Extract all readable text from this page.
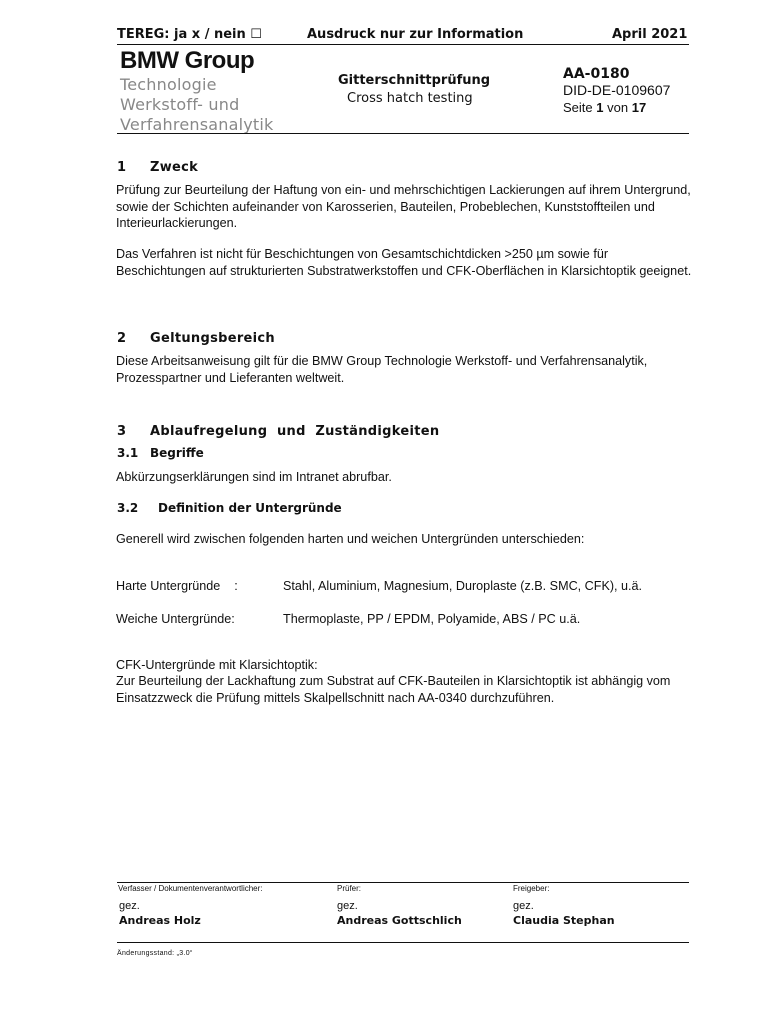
TEREG: ja x / nein ☐	Ausdruck nur zur Information	April 2021
BMW Group
Technologie
Werkstoff- und
Verfahrensanalytik
Gitterschnittprüfung
Cross hatch testing
AA-0180
DID-DE-0109607
Seite 1 von 17
1 Zweck
Prüfung zur Beurteilung der Haftung von ein- und mehrschichtigen Lackierungen auf ihrem Untergrund, sowie der Schichten aufeinander von Karosserien, Bauteilen, Probeblechen, Kunststoffteilen und Interieurlackierungen.
Das Verfahren ist nicht für Beschichtungen von Gesamtschichtdicken >250 µm sowie für Beschichtungen auf strukturierten Substratwerkstoffen und CFK-Oberflächen in Klarsichtoptik geeignet.
2 Geltungsbereich
Diese Arbeitsanweisung gilt für die BMW Group Technologie Werkstoff- und Verfahrensanalytik, Prozesspartner und Lieferanten weltweit.
3 Ablaufregelung  und  Zuständigkeiten
3.1 Begriffe
Abkürzungserklärungen sind im Intranet abrufbar.
3.2 Definition der Untergründe
Generell wird zwischen folgenden harten und weichen Untergründen unterschieden:
Harte Untergründe    :	Stahl, Aluminium, Magnesium, Duroplaste (z.B. SMC, CFK), u.ä.
Weiche Untergründe:	Thermoplaste, PP / EPDM, Polyamide, ABS / PC u.ä.
CFK-Untergründe mit Klarsichtoptik:
Zur Beurteilung der Lackhaftung zum Substrat auf CFK-Bauteilen in Klarsichtoptik ist abhängig vom Einsatzzweck die Prüfung mittels Skalpellschnitt nach AA-0340 durchzuführen.
Verfasser / Dokumentenverantwortlicher:	Prüfer:	Freigeber:
gez.	gez.	gez.
Andreas Holz	Andreas Gottschlich	Claudia Stephan
Änderungsstand: „3.0“
